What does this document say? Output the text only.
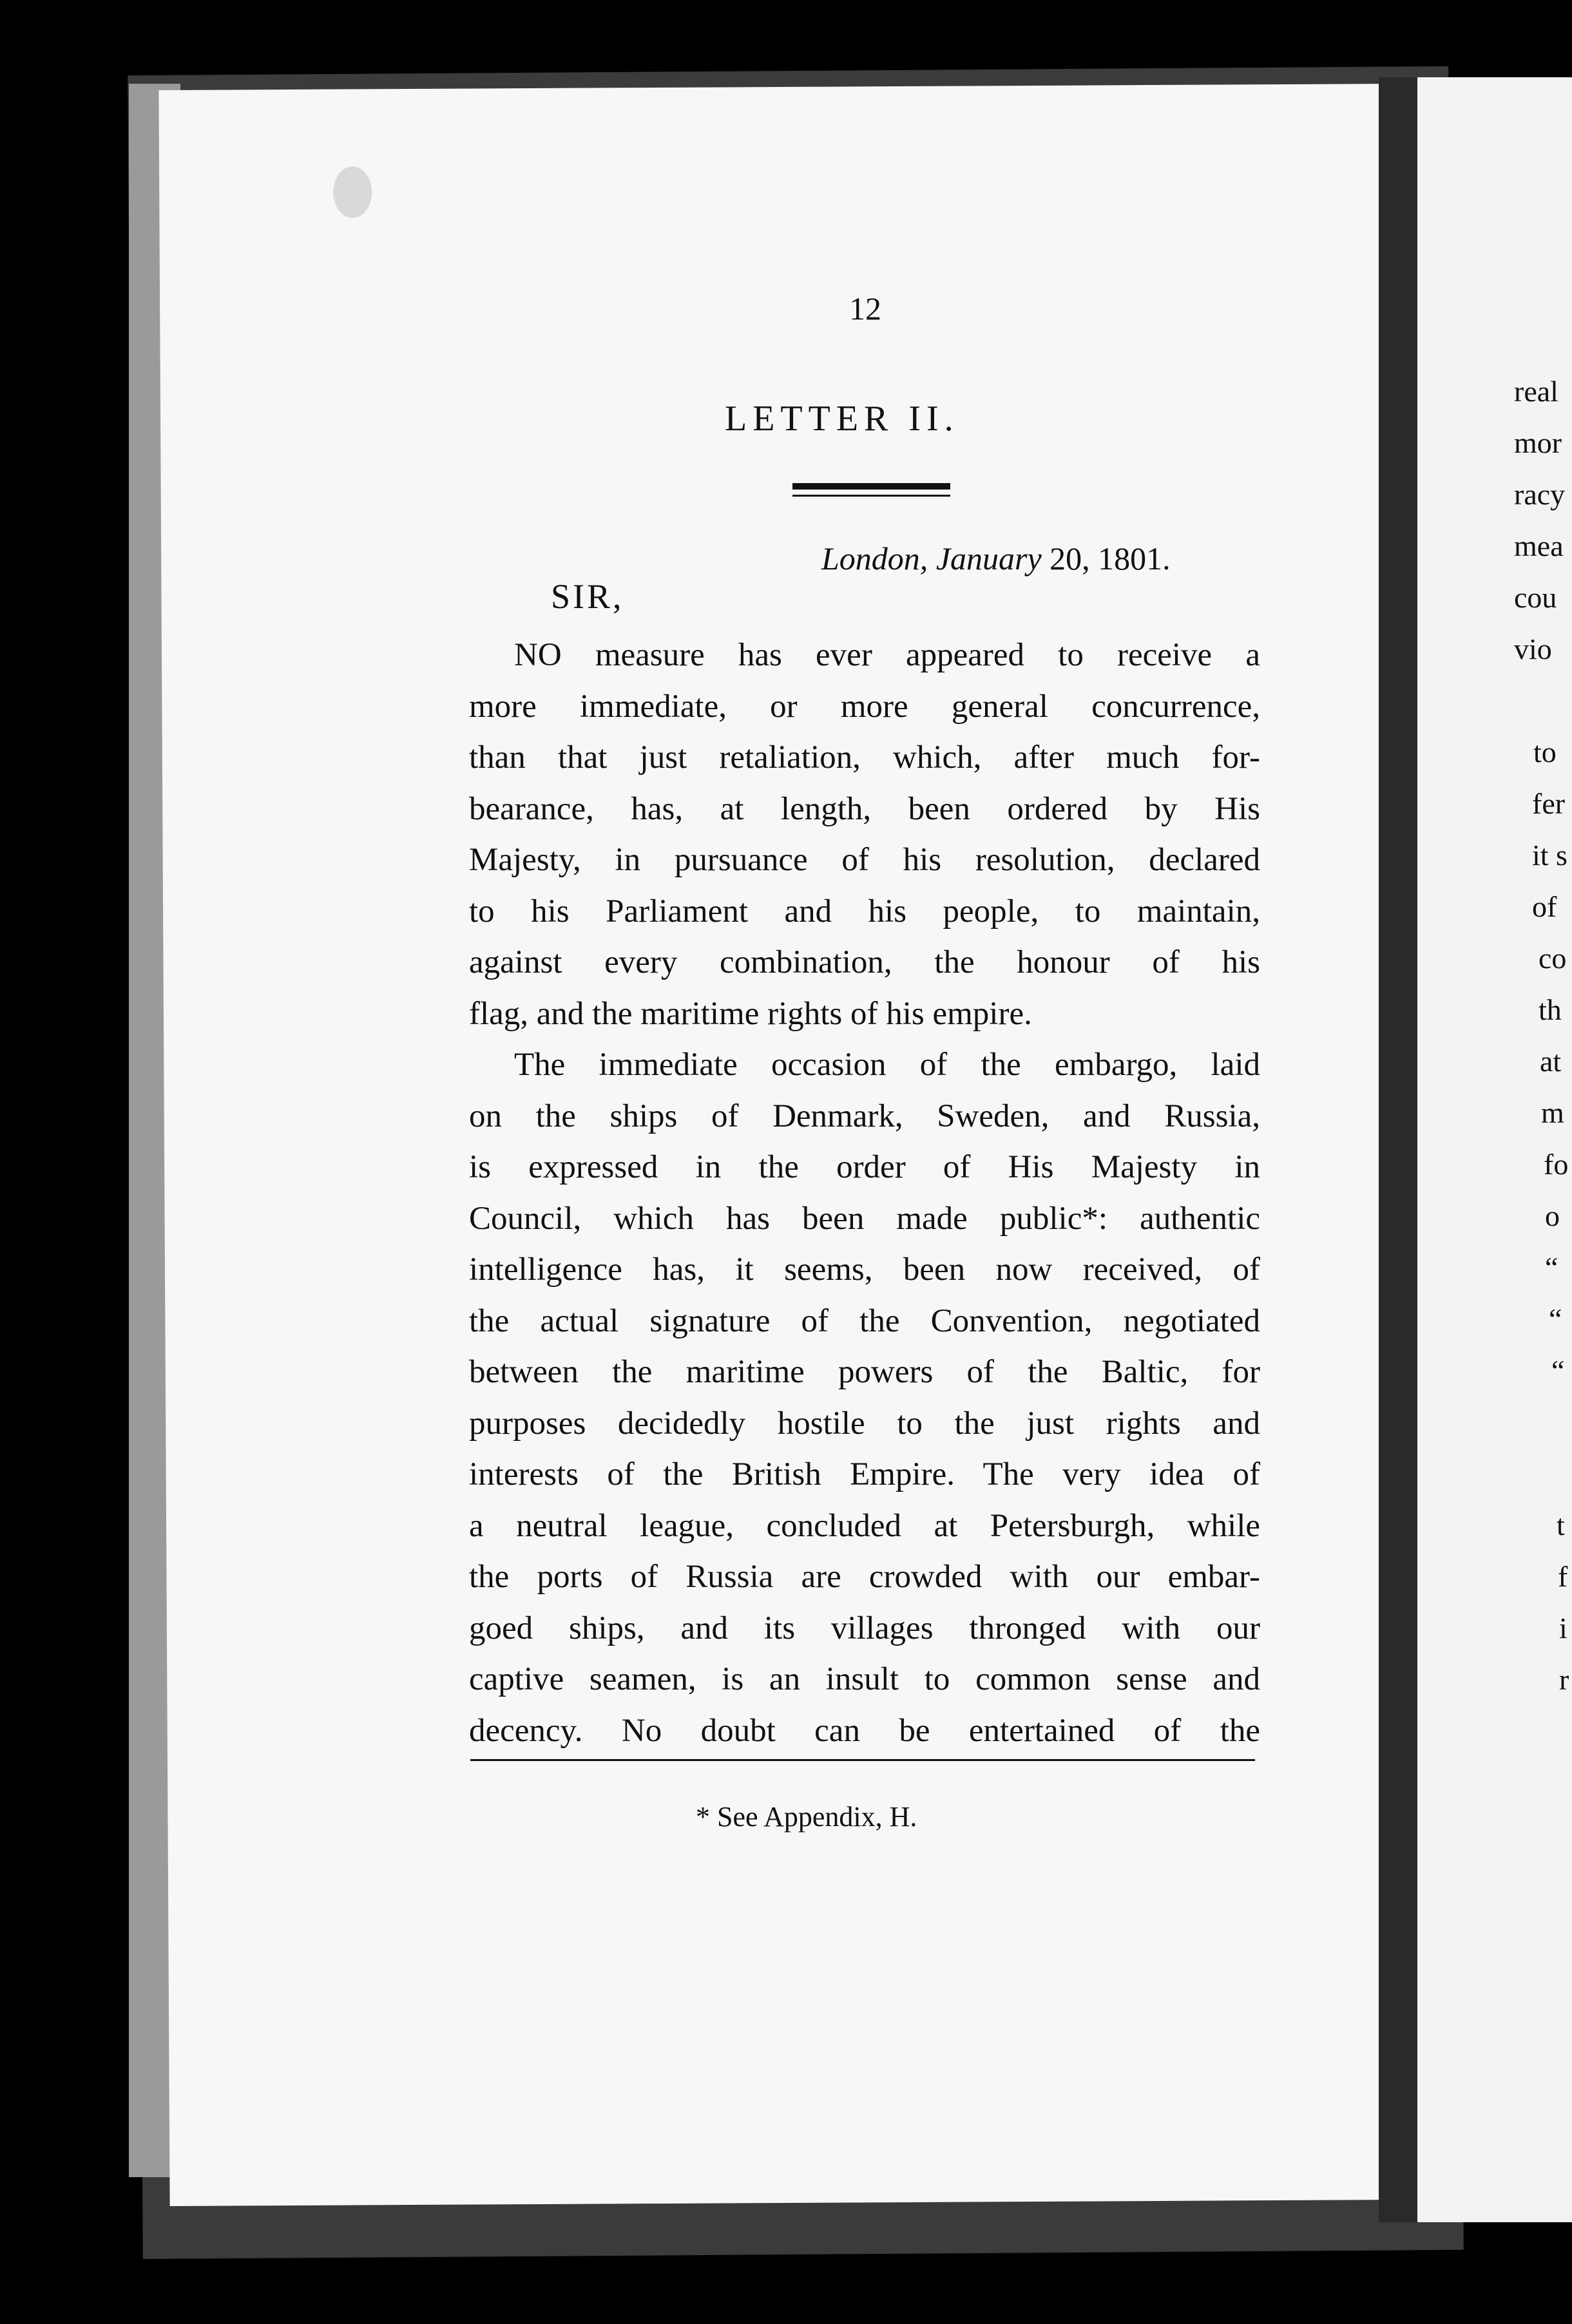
real
mor
racy
mea
cou
vio
to
fer
it s
of
co
th
at
m
fo
o
“
“
“
t
f
i
r
12
LETTER II.
London, January 20, 1801.
SIR,
NO measure has ever appeared to receive a
more immediate, or more general concurrence,
than that just retaliation, which, after much for-
bearance, has, at length, been ordered by His
Majesty, in pursuance of his resolution, declared
to his Parliament and his people, to maintain,
against every combination, the honour of his
flag, and the maritime rights of his empire.
The immediate occasion of the embargo, laid
on the ships of Denmark, Sweden, and Russia,
is expressed in the order of His Majesty in
Council, which has been made public*: authentic
intelligence has, it seems, been now received, of
the actual signature of the Convention, negotiated
between the maritime powers of the Baltic, for
purposes decidedly hostile to the just rights and
interests of the British Empire. The very idea of
a neutral league, concluded at Petersburgh, while
the ports of Russia are crowded with our embar-
goed ships, and its villages thronged with our
captive seamen, is an insult to common sense and
decency. No doubt can be entertained of the
* See Appendix, H.
